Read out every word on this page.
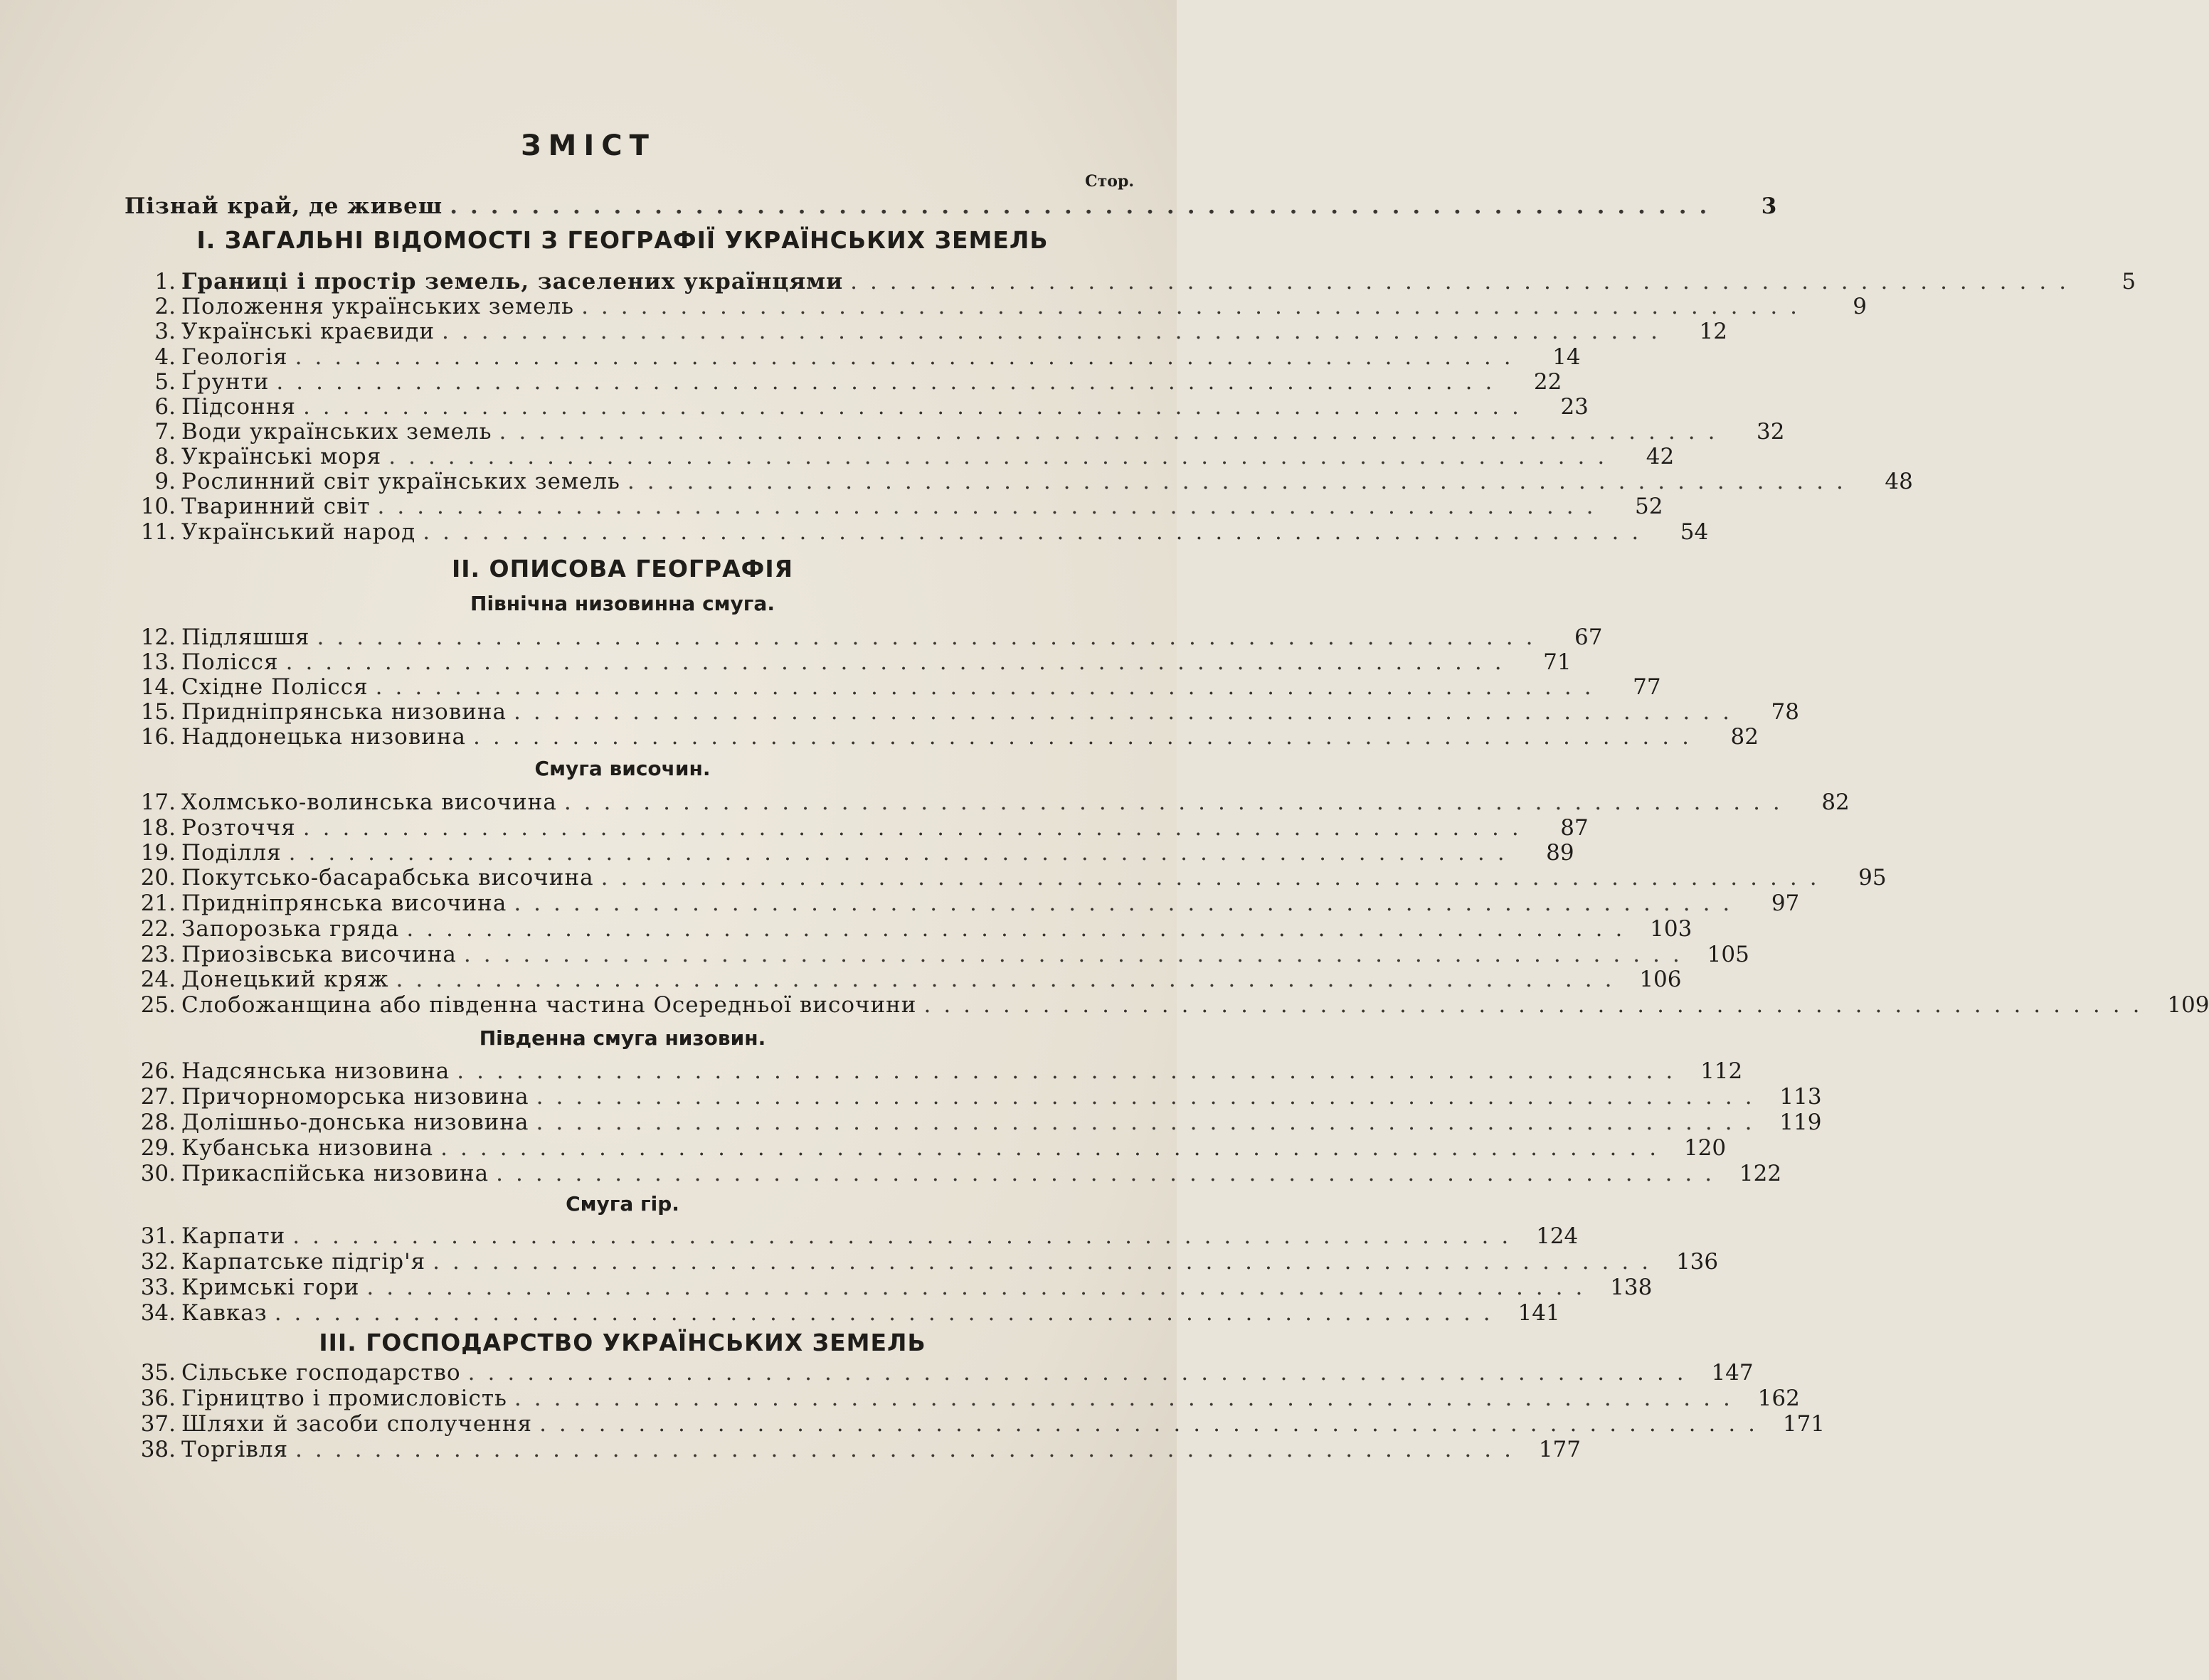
ЗМІСТ
Стор.
Пізнай край, де живеш ..............................................................	3
І. ЗАГАЛЬНІ ВІДОМОСТІ З ГЕОГРАФІЇ УКРАЇНСЬКИХ ЗЕМЕЛЬ
1. Границі і простір земель, заселених українцями ..............................................................	5
2. Положення українських земель ..............................................................	9
3. Українські краєвиди ..............................................................	12
4. Геологія ..............................................................	14
5. Ґрунти ..............................................................	22
6. Підсоння ..............................................................	23
7. Води українських земель ..............................................................	32
8. Українські моря ..............................................................	42
9. Рослинний світ українських земель ..............................................................	48
10. Тваринний світ ..............................................................	52
11. Український народ ..............................................................	54
ІІ. ОПИСОВА ГЕОГРАФІЯ
Північна низовинна смуга.
12. Підляшшя ..............................................................	67
13. Полісся ..............................................................	71
14. Східне Полісся ..............................................................	77
15. Придніпрянська низовина ..............................................................	78
16. Наддонецька низовина ..............................................................	82
Смуга височин.
17. Холмсько-волинська височина ..............................................................	82
18. Розточчя ..............................................................	87
19. Поділля ..............................................................	89
20. Покутсько-басарабська височина ..............................................................	95
21. Придніпрянська височина ..............................................................	97
22. Запорозька гряда .............................................................. 103
23. Приозівська височина .............................................................. 105
24. Донецький кряж .............................................................. 106
25. Слобожанщина або південна частина Осередньої височини .............................................................. 109
Південна смуга низовин.
26. Надсянська низовина .............................................................. 112
27. Причорноморська низовина .............................................................. 113
28. Долішньо-донська низовина .............................................................. 119
29. Кубанська низовина .............................................................. 120
30. Прикаспійська низовина .............................................................. 122
Смуга гір.
31. Карпати .............................................................. 124
32. Карпатське підгір'я .............................................................. 136
33. Кримські гори .............................................................. 138
34. Кавказ .............................................................. 141
ІІІ. ГОСПОДАРСТВО УКРАЇНСЬКИХ ЗЕМЕЛЬ
35. Сільське господарство .............................................................. 147
36. Гірництво і промисловість .............................................................. 162
37. Шляхи й засоби сполучення .............................................................. 171
38. Торгівля .............................................................. 177
